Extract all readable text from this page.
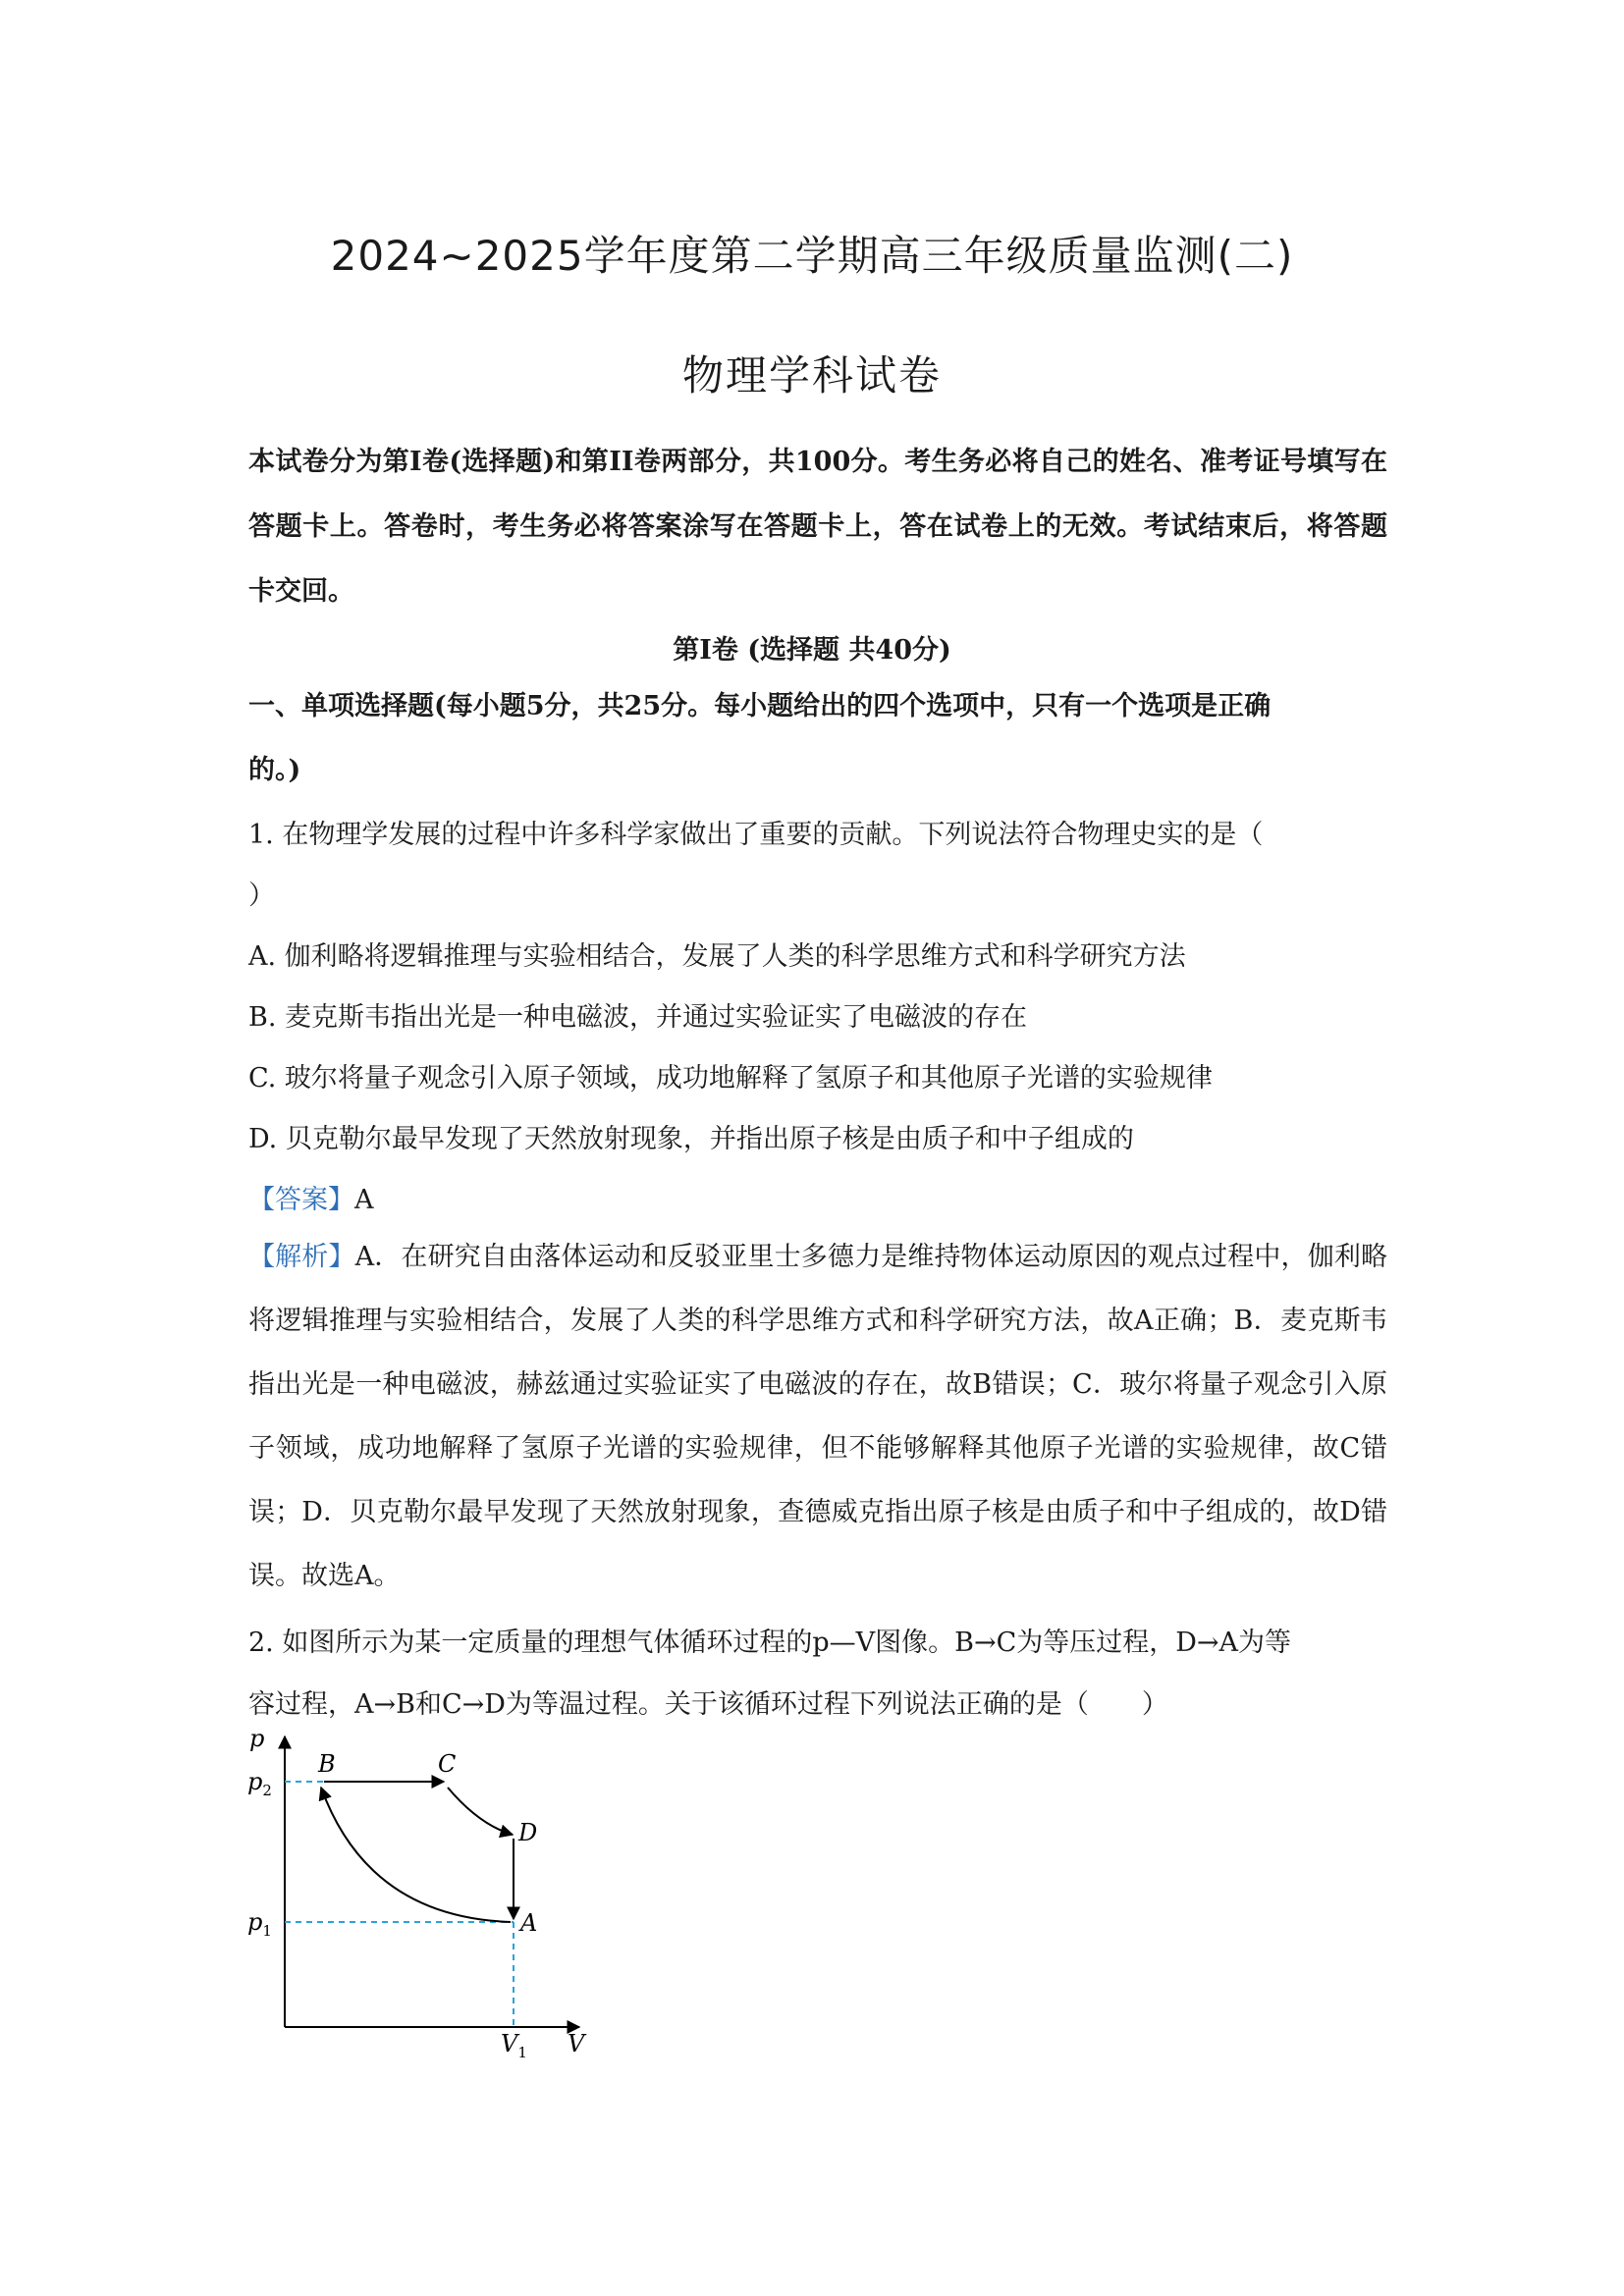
2024~2025学年度第二学期高三年级质量监测(二)
物理学科试卷
本试卷分为第I卷(选择题)和第II卷两部分，共100分。考生务必将自己的姓名、准考证号填写在答题卡上。答卷时，考生务必将答案涂写在答题卡上，答在试卷上的无效。考试结束后，将答题卡交回。
第I卷 (选择题 共40分)
一、单项选择题(每小题5分，共25分。每小题给出的四个选项中，只有一个选项是正确
的。)
1. 在物理学发展的过程中许多科学家做出了重要的贡献。下列说法符合物理史实的是（
）
A. 伽利略将逻辑推理与实验相结合，发展了人类的科学思维方式和科学研究方法
B. 麦克斯韦指出光是一种电磁波，并通过实验证实了电磁波的存在
C. 玻尔将量子观念引入原子领域，成功地解释了氢原子和其他原子光谱的实验规律
D. 贝克勒尔最早发现了天然放射现象，并指出原子核是由质子和中子组成的
【答案】A
【解析】A．在研究自由落体运动和反驳亚里士多德力是维持物体运动原因的观点过程中，伽利略将逻辑推理与实验相结合，发展了人类的科学思维方式和科学研究方法，故A正确；B．麦克斯韦指出光是一种电磁波，赫兹通过实验证实了电磁波的存在，故B错误；C．玻尔将量子观念引入原子领域，成功地解释了氢原子光谱的实验规律，但不能够解释其他原子光谱的实验规律，故C错误；D．贝克勒尔最早发现了天然放射现象，查德威克指出原子核是由质子和中子组成的，故D错误。故选A。
2. 如图所示为某一定质量的理想气体循环过程的p—V图像。B→C为等压过程，D→A为等
容过程，A→B和C→D为等温过程。关于该循环过程下列说法正确的是（　　）
p
V
$p_2$
$p_1$
$V_1$
B	C
D
A
